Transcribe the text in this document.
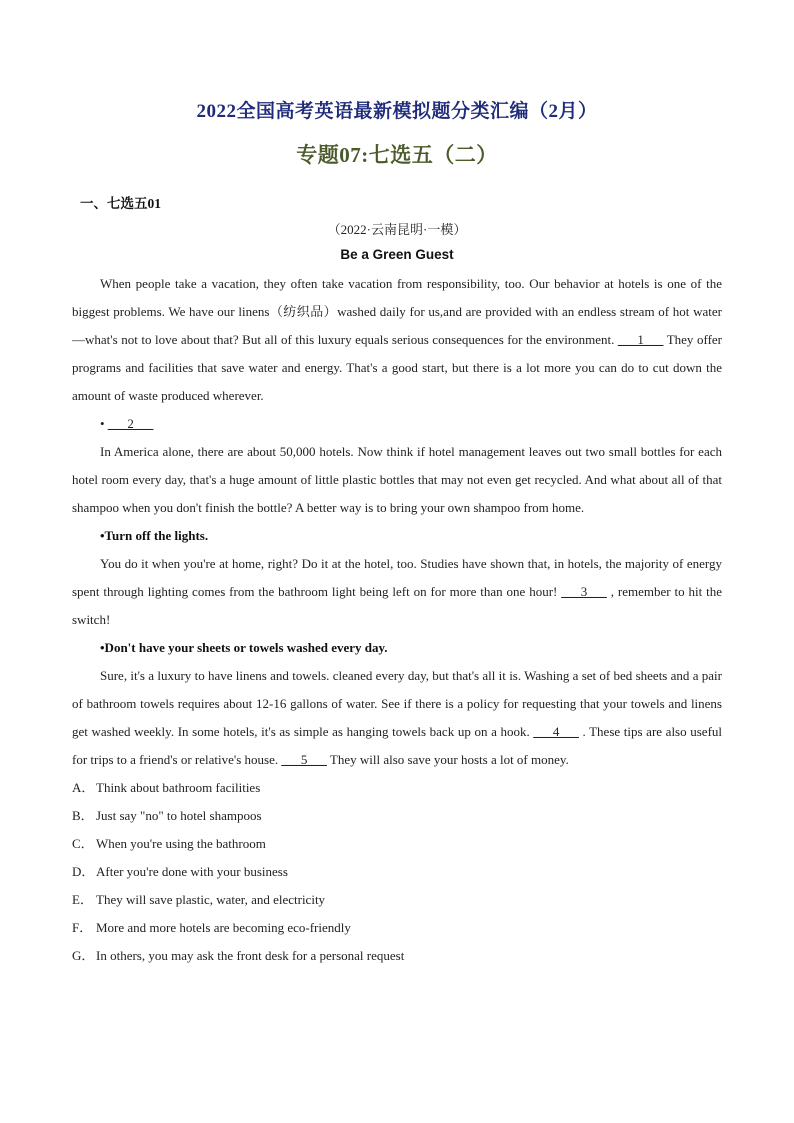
2022全国高考英语最新模拟题分类汇编（2月）
专题07:七选五（二）
一、七选五01
（2022·云南昆明·一模）
Be a Green Guest

When people take a vacation, they often take vacation from responsibility, too. Our behavior at hotels is one of the biggest problems. We have our linens（纺织品）washed daily for us,and are provided with an endless stream of hot water—what's not to love about that? But all of this luxury equals serious consequences for the environment. ___1___ They offer programs and facilities that save water and energy. That's a good start, but there is a lot more you can do to cut down the amount of waste produced wherever.

• ___2___

In America alone, there are about 50,000 hotels. Now think if hotel management leaves out two small bottles for each hotel room every day, that's a huge amount of little plastic bottles that may not even get recycled. And what about all of that shampoo when you don't finish the bottle? A better way is to bring your own shampoo from home.

•Turn off the lights.

You do it when you're at home, right? Do it at the hotel, too. Studies have shown that, in hotels, the majority of energy spent through lighting comes from the bathroom light being left on for more than one hour! ___3___ , remember to hit the switch!

•Don't have your sheets or towels washed every day.

Sure, it's a luxury to have linens and towels. cleaned every day, but that's all it is. Washing a set of bed sheets and a pair of bathroom towels requires about 12-16 gallons of water. See if there is a policy for requesting that your towels and linens get washed weekly. In some hotels, it's as simple as hanging towels back up on a hook. ___4___ . These tips are also useful for trips to a friend's or relative's house. ___5___ They will also save your hosts a lot of money.

A． Think about bathroom facilities

B． Just say "no" to hotel shampoos

C． When you're using the bathroom

D． After you're done with your business

E． They will save plastic, water, and electricity

F． More and more hotels are becoming eco-friendly

G． In others, you may ask the front desk for a personal request
